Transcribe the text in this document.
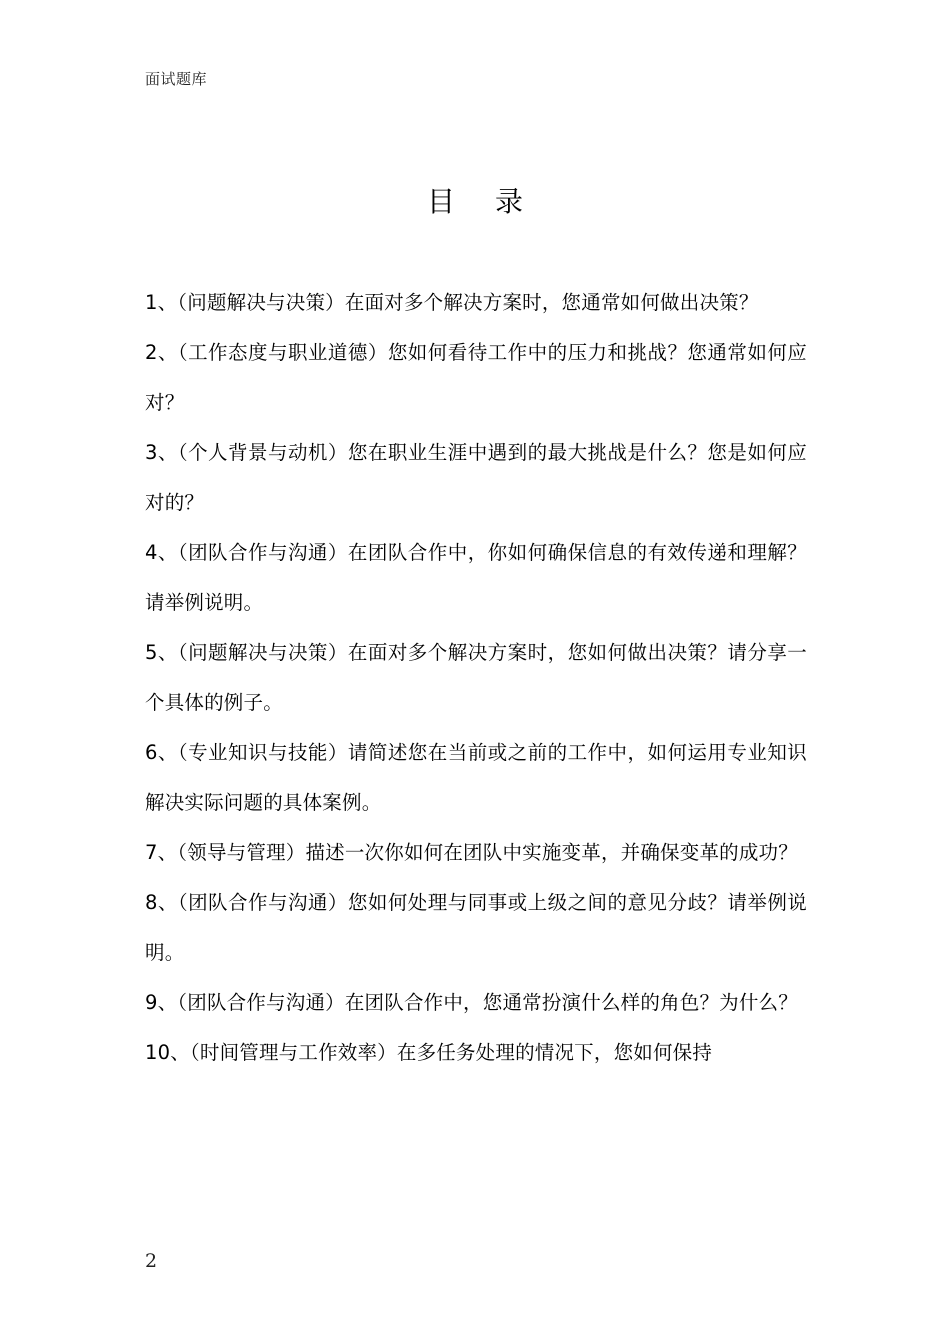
面试题库
目录
1、（问题解决与决策）在面对多个解决方案时，您通常如何做出决策？
2、（工作态度与职业道德）您如何看待工作中的压力和挑战？您通常如何应对？
3、（个人背景与动机）您在职业生涯中遇到的最大挑战是什么？您是如何应对的？
4、（团队合作与沟通）在团队合作中，你如何确保信息的有效传递和理解？请举例说明。
5、（问题解决与决策）在面对多个解决方案时，您如何做出决策？请分享一个具体的例子。
6、（专业知识与技能）请简述您在当前或之前的工作中，如何运用专业知识解决实际问题的具体案例。
7、（领导与管理）描述一次你如何在团队中实施变革，并确保变革的成功？
8、（团队合作与沟通）您如何处理与同事或上级之间的意见分歧？请举例说明。
9、（团队合作与沟通）在团队合作中，您通常扮演什么样的角色？为什么？
10、（时间管理与工作效率）在多任务处理的情况下，您如何保持
2
